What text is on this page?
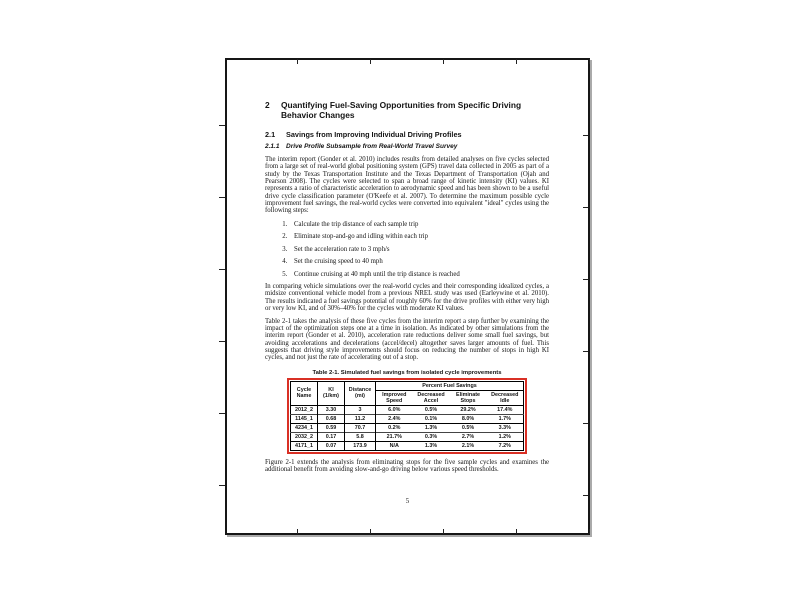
2	Quantifying Fuel-Saving Opportunities from Specific Driving Behavior Changes
2.1	Savings from Improving Individual Driving Profiles
2.1.1	Drive Profile Subsample from Real-World Travel Survey

The interim report (Gonder et al. 2010) includes results from detailed analyses on five cycles selected from a large set of real-world global positioning system (GPS) travel data collected in 2005 as part of a study by the Texas Transportation Institute and the Texas Department of Transportation (Ojah and Pearson 2008). The cycles were selected to span a broad range of kinetic intensity (KI) values. KI represents a ratio of characteristic acceleration to aerodynamic speed and has been shown to be a useful drive cycle classification parameter (O'Keefe et al. 2007). To determine the maximum possible cycle improvement fuel savings, the real-world cycles were converted into equivalent "ideal" cycles using the following steps:

1. Calculate the trip distance of each sample trip
2. Eliminate stop-and-go and idling within each trip
3. Set the acceleration rate to 3 mph/s
4. Set the cruising speed to 40 mph
5. Continue cruising at 40 mph until the trip distance is reached

In comparing vehicle simulations over the real-world cycles and their corresponding idealized cycles, a midsize conventional vehicle model from a previous NREL study was used (Earleywine et al. 2010). The results indicated a fuel savings potential of roughly 60% for the drive profiles with either very high or very low KI, and of 30%–40% for the cycles with moderate KI values.

Table 2-1 takes the analysis of these five cycles from the interim report a step further by examining the impact of the optimization steps one at a time in isolation. As indicated by other simulations from the interim report (Gonder et al. 2010), acceleration rate reductions deliver some small fuel savings, but avoiding accelerations and decelerations (accel/decel) altogether saves larger amounts of fuel. This suggests that driving style improvements should focus on reducing the number of stops in high KI cycles, and not just the rate of accelerating out of a stop.

Table 2-1. Simulated fuel savings from isolated cycle improvements
Cycle Name	KI (1/km)	Distance (mi)	Percent Fuel Savings			
			Improved Speed	Decreased Accel	Eliminate Stops	Decreased Idle
2012_2	3.30	3	6.0%	0.5%	29.2%	17.4%
1145_1	0.68	11.2	2.4%	0.1%	8.0%	1.7%
4234_1	0.59	70.7	0.2%	1.3%	0.5%	3.3%
2032_2	0.17	5.8	21.7%	0.3%	2.7%	1.2%
4171_1	0.07	173.9	N/A	1.3%	2.1%	7.2%

Figure 2-1 extends the analysis from eliminating stops for the five sample cycles and examines the additional benefit from avoiding slow-and-go driving below various speed thresholds.

5
